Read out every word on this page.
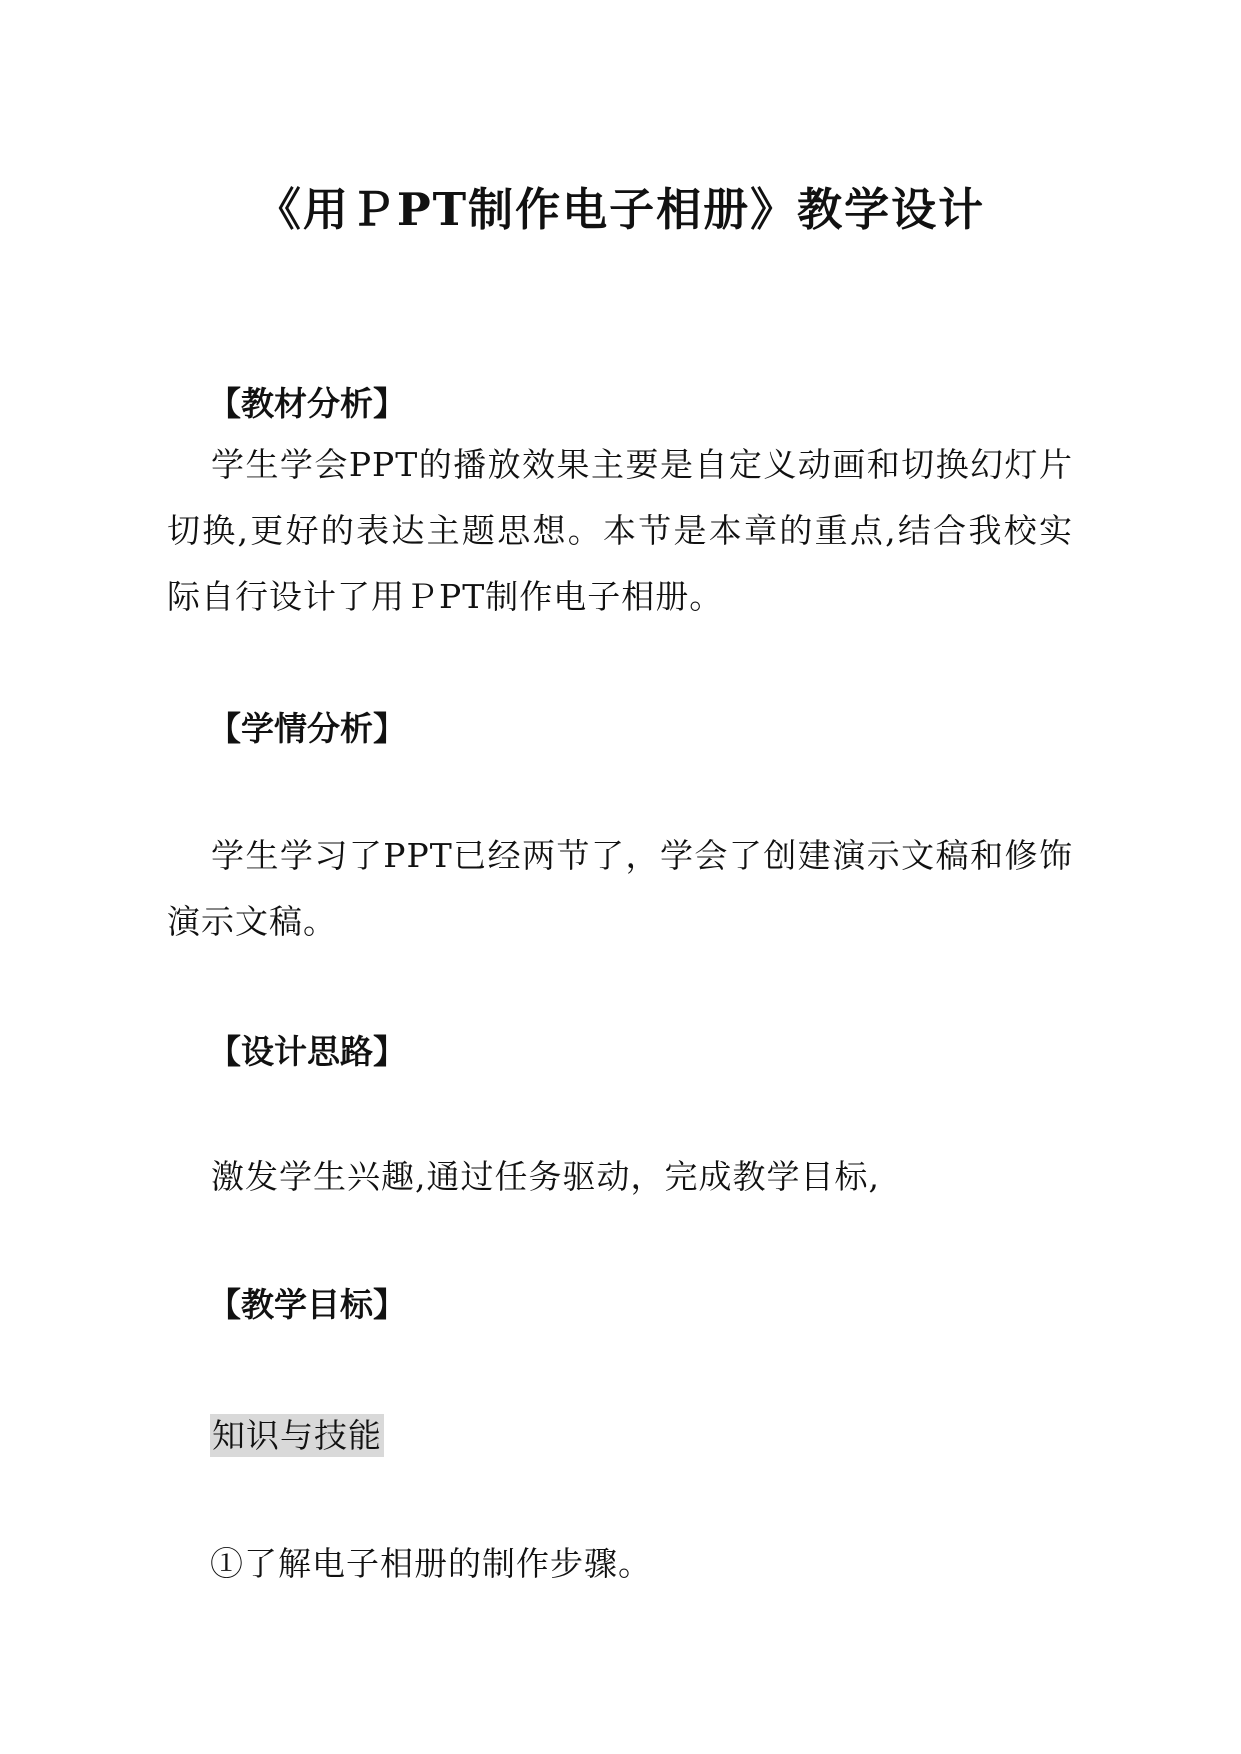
《用ＰPT制作电子相册》教学设计
【教材分析】

学生学会PPT的播放效果主要是自定义动画和切换幻灯片切换,更好的表达主题思想。本节是本章的重点,结合我校实际自行设计了用ＰPT制作电子相册。

【学情分析】

学生学习了PPT已经两节了，学会了创建演示文稿和修饰演示文稿。

【设计思路】

激发学生兴趣,通过任务驱动，完成教学目标,

【教学目标】
知识与技能
①了解电子相册的制作步骤。
